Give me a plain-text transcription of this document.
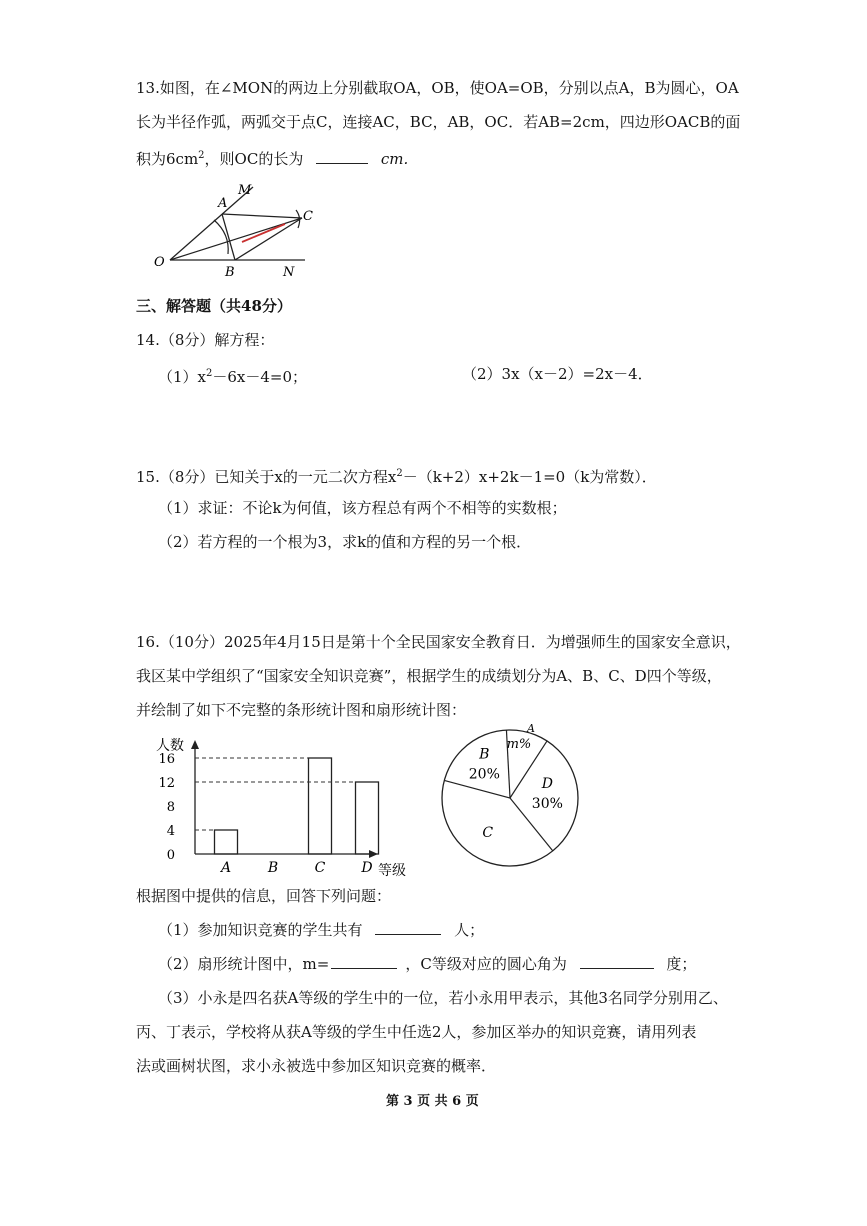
13.如图，在∠MON的两边上分别截取OA，OB，使OA=OB，分别以点A，B为圆心，OA
长为半径作弧，两弧交于点C，连接AC，BC，AB，OC．若AB=2cm，四边形OACB的面
积为$6cm^2$，则OC的长为	cm.
M
A
C
O
B	N
三、解答题（共48分）
14.（8分）解方程：
$(1)x^2-6x-4=0$；	（2）3x（x－2）=2x－4．
15.（8分）已知关于x的一元二次方程$x^2-(k+2)x+2k-1=0(k$为常数）．
（1）求证：不论k为何值，该方程总有两个不相等的实数根；
（2）若方程的一个根为3，求k的值和方程的另一个根．
16.（10分）2025年4月15日是第十个全民国家安全教育日．为增强师生的国家安全意识，
我区某中学组织了“国家安全知识竞赛”，根据学生的成绩划分为A、B、C、D四个等级，
并绘制了如下不完整的条形统计图和扇形统计图：
人数
等级
0
4
8
12
16
A	B	C	D
B
20%
m%
A
D
30%
C
根据图中提供的信息，回答下列问题：
（1）参加知识竞赛的学生共有	人；
（2）扇形统计图中，m=	，C等级对应的圆心角为	度；
（3）小永是四名获A等级的学生中的一位，若小永用甲表示，其他3名同学分别用乙、
丙、丁表示，学校将从获A等级的学生中任选2人，参加区举办的知识竞赛，请用列表
法或画树状图，求小永被选中参加区知识竞赛的概率．
第 3 页 共 6 页
